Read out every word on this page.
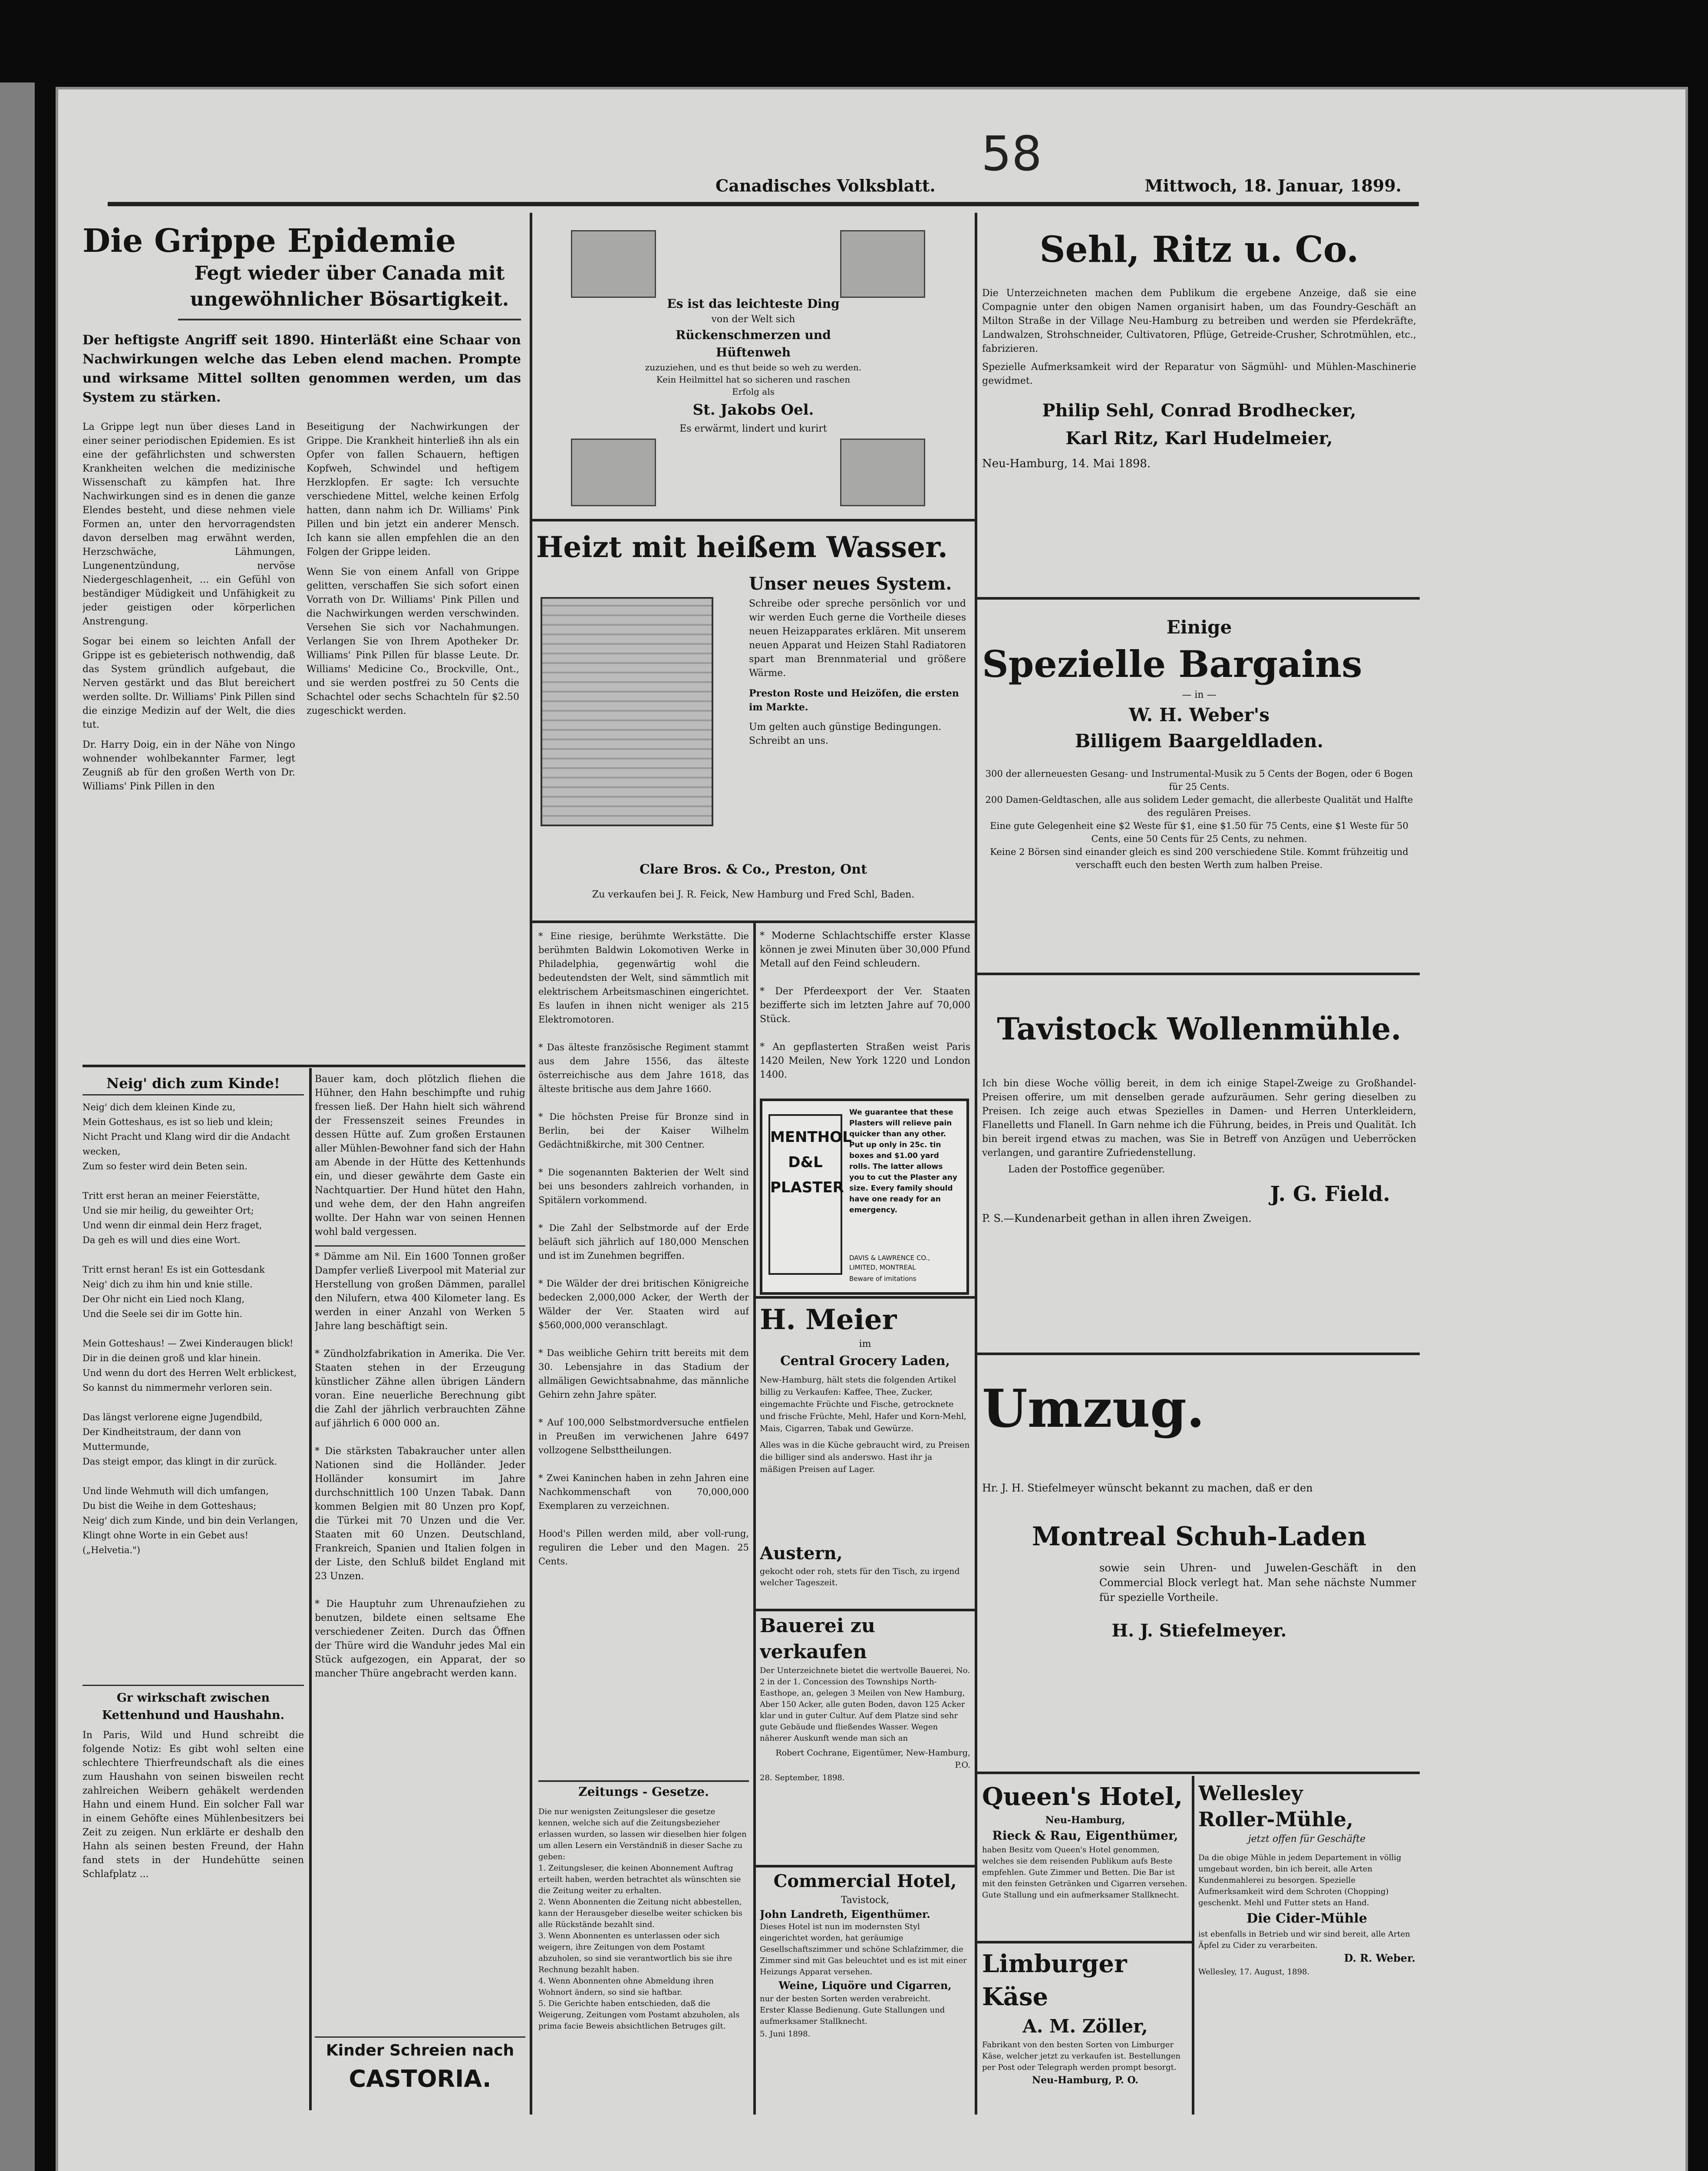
58
Canadisches Volksblatt.	Mittwoch, 18. Januar, 1899.
Die Grippe Epidemie
Fegt wieder über Canada mit
ungewöhnlicher Bösartigkeit.
Der heftigste Angriff seit 1890. Hinterläßt eine Schaar von Nachwirkungen welche das Leben elend machen. Prompte und wirksame Mittel sollten genommen werden, um das System zu stärken.
La Grippe legt nun über dieses Land in einer seiner periodischen Epidemien. Es ist eine der gefährlichsten und schwersten Krankheiten welchen die medizinische Wissenschaft zu kämpfen hat. Ihre Nachwirkungen sind es in denen die ganze Elendes besteht, und diese nehmen viele Formen an, unter den hervorragendsten davon derselben mag erwähnt werden, Herzschwäche, Lähmungen, Lungenentzündung, nervöse Niedergeschlagenheit, ... ein Gefühl von beständiger Müdigkeit und Unfähigkeit zu jeder geistigen oder körperlichen Anstrengung.
Sogar bei einem so leichten Anfall der Grippe ist es gebieterisch nothwendig, daß das System gründlich aufgebaut, die Nerven gestärkt und das Blut bereichert werden sollte. Dr. Williams' Pink Pillen sind die einzige Medizin auf der Welt, die dies tut.
Dr. Harry Doig, ein in der Nähe von Ningo wohnender wohlbekannter Farmer, legt Zeugniß ab für den großen Werth von Dr. Williams' Pink Pillen in den
Beseitigung der Nachwirkungen der Grippe. Die Krankheit hinterließ ihn als ein Opfer von fallen Schauern, heftigen Kopfweh, Schwindel und heftigem Herzklopfen. Er sagte: Ich versuchte verschiedene Mittel, welche keinen Erfolg hatten, dann nahm ich Dr. Williams' Pink Pillen und bin jetzt ein anderer Mensch. Ich kann sie allen empfehlen die an den Folgen der Grippe leiden.
Wenn Sie von einem Anfall von Grippe gelitten, verschaffen Sie sich sofort einen Vorrath von Dr. Williams' Pink Pillen und die Nachwirkungen werden verschwinden. Versehen Sie sich vor Nachahmungen. Verlangen Sie von Ihrem Apotheker Dr. Williams' Pink Pillen für blasse Leute. Dr. Williams' Medicine Co., Brockville, Ont., und sie werden postfrei zu 50 Cents die Schachtel oder sechs Schachteln für $2.50 zugeschickt werden.
Neig' dich zum Kinde!
Neig' dich dem kleinen Kinde zu,
Mein Gotteshaus, es ist so lieb und klein;
Nicht Pracht und Klang wird dir die Andacht wecken,
Zum so fester wird dein Beten sein.

Tritt erst heran an meiner Feierstätte,
Und sie mir heilig, du geweihter Ort;
Und wenn dir einmal dein Herz fraget,
Da geh es will und dies eine Wort.

Tritt ernst heran! Es ist ein Gottesdank
Neig' dich zu ihm hin und knie stille.
Der Ohr nicht ein Lied noch Klang,
Und die Seele sei dir im Gotte hin.

Mein Gotteshaus! — Zwei Kinderaugen blick!
Dir in die deinen groß und klar hinein.
Und wenn du dort des Herren Welt erblickest,
So kannst du nimmermehr verloren sein.

Das längst verlorene eigne Jugendbild,
Der Kindheitstraum, der dann von Muttermunde,
Das steigt empor, das klingt in dir zurück.

Und linde Wehmuth will dich umfangen,
Du bist die Weihe in dem Gotteshaus;
Neig' dich zum Kinde, und bin dein Verlangen,
Klingt ohne Worte in ein Gebet aus!
(„Helvetia.")
Gr wirkschaft zwischen Kettenhund und Haushahn.
In Paris, Wild und Hund schreibt die folgende Notiz: Es gibt wohl selten eine schlechtere Thierfreundschaft als die eines zum Haushahn von seinen bisweilen recht zahlreichen Weibern gehäkelt werdenden Hahn und einem Hund. Ein solcher Fall war in einem Gehöfte eines Mühlenbesitzers bei Zeit zu zeigen. Nun erklärte er deshalb den Hahn als seinen besten Freund, der Hahn fand stets in der Hundehütte seinen Schlafplatz ...
Bauer kam, doch plötzlich fliehen die Hühner, den Hahn beschimpfte und ruhig fressen ließ. Der Hahn hielt sich während der Fressenszeit seines Freundes in dessen Hütte auf. Zum großen Erstaunen aller Mühlen-Bewohner fand sich der Hahn am Abende in der Hütte des Kettenhunds ein, und dieser gewährte dem Gaste ein Nachtquartier. Der Hund hütet den Hahn, und wehe dem, der den Hahn angreifen wollte. Der Hahn war von seinen Hennen wohl bald vergessen.
* Dämme am Nil. Ein 1600 Tonnen großer Dampfer verließ Liverpool mit Material zur Herstellung von großen Dämmen, parallel den Nilufern, etwa 400 Kilometer lang. Es werden in einer Anzahl von Werken 5 Jahre lang beschäftigt sein.

* Zündholzfabrikation in Amerika. Die Ver. Staaten stehen in der Erzeugung künstlicher Zähne allen übrigen Ländern voran. Eine neuerliche Berechnung gibt die Zahl der jährlich verbrauchten Zähne auf jährlich 6 000 000 an.

* Die stärksten Tabakraucher unter allen Nationen sind die Holländer. Jeder Holländer konsumirt im Jahre durchschnittlich 100 Unzen Tabak. Dann kommen Belgien mit 80 Unzen pro Kopf, die Türkei mit 70 Unzen und die Ver. Staaten mit 60 Unzen. Deutschland, Frankreich, Spanien und Italien folgen in der Liste, den Schluß bildet England mit 23 Unzen.

* Die Hauptuhr zum Uhrenaufziehen zu benutzen, bildete einen seltsame Ehe verschiedener Zeiten. Durch das Öffnen der Thüre wird die Wanduhr jedes Mal ein Stück aufgezogen, ein Apparat, der so mancher Thüre angebracht werden kann.
Kinder Schreien nach
CASTORIA.
Es ist das leichteste Ding
von der Welt sich
Rückenschmerzen und Hüftenweh
zuzuziehen, und es thut beide so weh zu werden. Kein Heilmittel hat so sicheren und raschen Erfolg als
St. Jakobs Oel.
Es erwärmt, lindert und kurirt
Heizt mit heißem Wasser.
Unser neues System.
Schreibe oder spreche persönlich vor und wir werden Euch gerne die Vortheile dieses neuen Heizapparates erklären. Mit unserem neuen Apparat und Heizen Stahl Radiatoren spart man Brennmaterial und größere Wärme.
Preston Roste und Heizöfen, die ersten im Markte.
Um gelten auch günstige Bedingungen. Schreibt an uns.
Clare Bros. & Co., Preston, Ont
Zu verkaufen bei J. R. Feick, New Hamburg und Fred Schl, Baden.
* Eine riesige, berühmte Werkstätte. Die berühmten Baldwin Lokomotiven Werke in Philadelphia, gegenwärtig wohl die bedeutendsten der Welt, sind sämmtlich mit elektrischem Arbeitsmaschinen eingerichtet. Es laufen in ihnen nicht weniger als 215 Elektromotoren.

* Das älteste französische Regiment stammt aus dem Jahre 1556, das älteste österreichische aus dem Jahre 1618, das älteste britische aus dem Jahre 1660.

* Die höchsten Preise für Bronze sind in Berlin, bei der Kaiser Wilhelm Gedächtnißkirche, mit 300 Centner.

* Die sogenannten Bakterien der Welt sind bei uns besonders zahlreich vorhanden, in Spitälern vorkommend.

* Die Zahl der Selbstmorde auf der Erde beläuft sich jährlich auf 180,000 Menschen und ist im Zunehmen begriffen.

* Die Wälder der drei britischen Königreiche bedecken 2,000,000 Acker, der Werth der Wälder der Ver. Staaten wird auf $560,000,000 veranschlagt.

* Das weibliche Gehirn tritt bereits mit dem 30. Lebensjahre in das Stadium der allmäligen Gewichtsabnahme, das männliche Gehirn zehn Jahre später.

* Auf 100,000 Selbstmordversuche entfielen in Preußen im verwichenen Jahre 6497 vollzogene Selbsttheilungen.

* Zwei Kaninchen haben in zehn Jahren eine Nachkommenschaft von 70,000,000 Exemplaren zu verzeichnen.

Hood's Pillen werden mild, aber voll-rung, reguliren die Leber und den Magen. 25 Cents.
* Moderne Schlachtschiffe erster Klasse können je zwei Minuten über 30,000 Pfund Metall auf den Feind schleudern.

* Der Pferdeexport der Ver. Staaten bezifferte sich im letzten Jahre auf 70,000 Stück.

* An gepflasterten Straßen weist Paris 1420 Meilen, New York 1220 und London 1400.
MENTHOL D&L PLASTER
We guarantee that these Plasters will relieve pain quicker than any other. Put up only in 25c. tin boxes and $1.00 yard rolls. The latter allows you to cut the Plaster any size. Every family should have one ready for an emergency.
DAVIS & LAWRENCE CO., LIMITED, MONTREAL
Beware of imitations
H. Meier
im
Central Grocery Laden,
New-Hamburg, hält stets die folgenden Artikel billig zu Verkaufen: Kaffee, Thee, Zucker, eingemachte Früchte und Fische, getrocknete und frische Früchte, Mehl, Hafer und Korn-Mehl, Mais, Cigarren, Tabak und Gewürze.
Alles was in die Küche gebraucht wird, zu Preisen die billiger sind als anderswo. Hast ihr ja mäßigen Preisen auf Lager.
Austern,
gekocht oder roh, stets für den Tisch, zu irgend welcher Tageszeit.
Bauerei zu verkaufen
Der Unterzeichnete bietet die wertvolle Bauerei, No. 2 in der 1. Concession des Townships North-Easthope, an, gelegen 3 Meilen von New Hamburg, Aber 150 Acker, alle guten Boden, davon 125 Acker klar und in guter Cultur. Auf dem Platze sind sehr gute Gebäude und fließendes Wasser. Wegen näherer Auskunft wende man sich an
Robert Cochrane, Eigentümer, New-Hamburg, P.O.
28. September, 1898.
Zeitungs - Gesetze.
Die nur wenigsten Zeitungsleser die gesetze kennen, welche sich auf die Zeitungsbezieher erlassen wurden, so lassen wir dieselben hier folgen um allen Lesern ein Verständniß in dieser Sache zu geben:
1. Zeitungsleser, die keinen Abonnement Auftrag erteilt haben, werden betrachtet als wünschten sie die Zeitung weiter zu erhalten.
2. Wenn Abonnenten die Zeitung nicht abbestellen, kann der Herausgeber dieselbe weiter schicken bis alle Rückstände bezahlt sind.
3. Wenn Abonnenten es unterlassen oder sich weigern, ihre Zeitungen von dem Postamt abzuholen, so sind sie verantwortlich bis sie ihre Rechnung bezahlt haben.
4. Wenn Abonnenten ohne Abmeldung ihren Wohnort ändern, so sind sie haftbar.
5. Die Gerichte haben entschieden, daß die Weigerung, Zeitungen vom Postamt abzuholen, als prima facie Beweis absichtlichen Betruges gilt.
Commercial Hotel,
Tavistock,
John Landreth, Eigenthümer.
Dieses Hotel ist nun im modernsten Styl eingerichtet worden, hat geräumige Gesellschaftszimmer und schöne Schlafzimmer, die Zimmer sind mit Gas beleuchtet und es ist mit einer Heizungs Apparat versehen.
Weine, Liquöre und Cigarren,
nur der besten Sorten werden verabreicht.
Erster Klasse Bedienung. Gute Stallungen und aufmerksamer Stallknecht.
5. Juni 1898.
Sehl, Ritz u. Co.
Die Unterzeichneten machen dem Publikum die ergebene Anzeige, daß sie eine Compagnie unter den obigen Namen organisirt haben, um das Foundry-Geschäft an Milton Straße in der Village Neu-Hamburg zu betreiben und werden sie Pferdekräfte, Landwalzen, Strohschneider, Cultivatoren, Pflüge, Getreide-Crusher, Schrotmühlen, etc., fabrizieren.
Spezielle Aufmerksamkeit wird der Reparatur von Sägmühl- und Mühlen-Maschinerie gewidmet.
Philip Sehl, Conrad Brodhecker,
Karl Ritz, Karl Hudelmeier,
Neu-Hamburg, 14. Mai 1898.
Einige
Spezielle Bargains
— in —
W. H. Weber's
Billigem Baargeldladen.
300 der allerneuesten Gesang- und Instrumental-Musik zu 5 Cents der Bogen, oder 6 Bogen für 25 Cents.
200 Damen-Geldtaschen, alle aus solidem Leder gemacht, die allerbeste Qualität und Halfte des regulären Preises.
Eine gute Gelegenheit eine $2 Weste für $1, eine $1.50 für 75 Cents, eine $1 Weste für 50 Cents, eine 50 Cents für 25 Cents, zu nehmen.
Keine 2 Börsen sind einander gleich es sind 200 verschiedene Stile. Kommt frühzeitig und verschafft euch den besten Werth zum halben Preise.
Tavistock Wollenmühle.
Ich bin diese Woche völlig bereit, in dem ich einige Stapel-Zweige zu Großhandel-Preisen offerire, um mit denselben gerade aufzuräumen. Sehr gering dieselben zu Preisen. Ich zeige auch etwas Spezielles in Damen- und Herren Unterkleidern, Flanelletts und Flanell. In Garn nehme ich die Führung, beides, in Preis und Qualität. Ich bin bereit irgend etwas zu machen, was Sie in Betreff von Anzügen und Ueberröcken verlangen, und garantire Zufriedenstellung.
Laden der Postoffice gegenüber.
J. G. Field.
P. S.—Kundenarbeit gethan in allen ihren Zweigen.
Umzug.
Hr. J. H. Stiefelmeyer wünscht bekannt zu machen, daß er den
Montreal Schuh-Laden
sowie sein Uhren- und Juwelen-Geschäft in den Commercial Block verlegt hat. Man sehe nächste Nummer für spezielle Vortheile.
H. J. Stiefelmeyer.
Queen's Hotel,
Neu-Hamburg,
Rieck & Rau, Eigenthümer,
haben Besitz vom Queen's Hotel genommen, welches sie dem reisenden Publikum aufs Beste empfehlen. Gute Zimmer und Betten. Die Bar ist mit den feinsten Getränken und Cigarren versehen. Gute Stallung und ein aufmerksamer Stallknecht.
Limburger Käse
A. M. Zöller,
Fabrikant von den besten Sorten von Limburger Käse, welcher jetzt zu verkaufen ist. Bestellungen per Post oder Telegraph werden prompt besorgt.
Neu-Hamburg, P. O.
Wellesley
Roller-Mühle,
jetzt offen für Geschäfte
Da die obige Mühle in jedem Departement in völlig umgebaut worden, bin ich bereit, alle Arten Kundenmahlerei zu besorgen. Spezielle Aufmerksamkeit wird dem Schroten (Chopping) geschenkt. Mehl und Futter stets an Hand.
Die Cider-Mühle
ist ebenfalls in Betrieb und wir sind bereit, alle Arten Äpfel zu Cider zu verarbeiten.
D. R. Weber.
Wellesley, 17. August, 1898.
